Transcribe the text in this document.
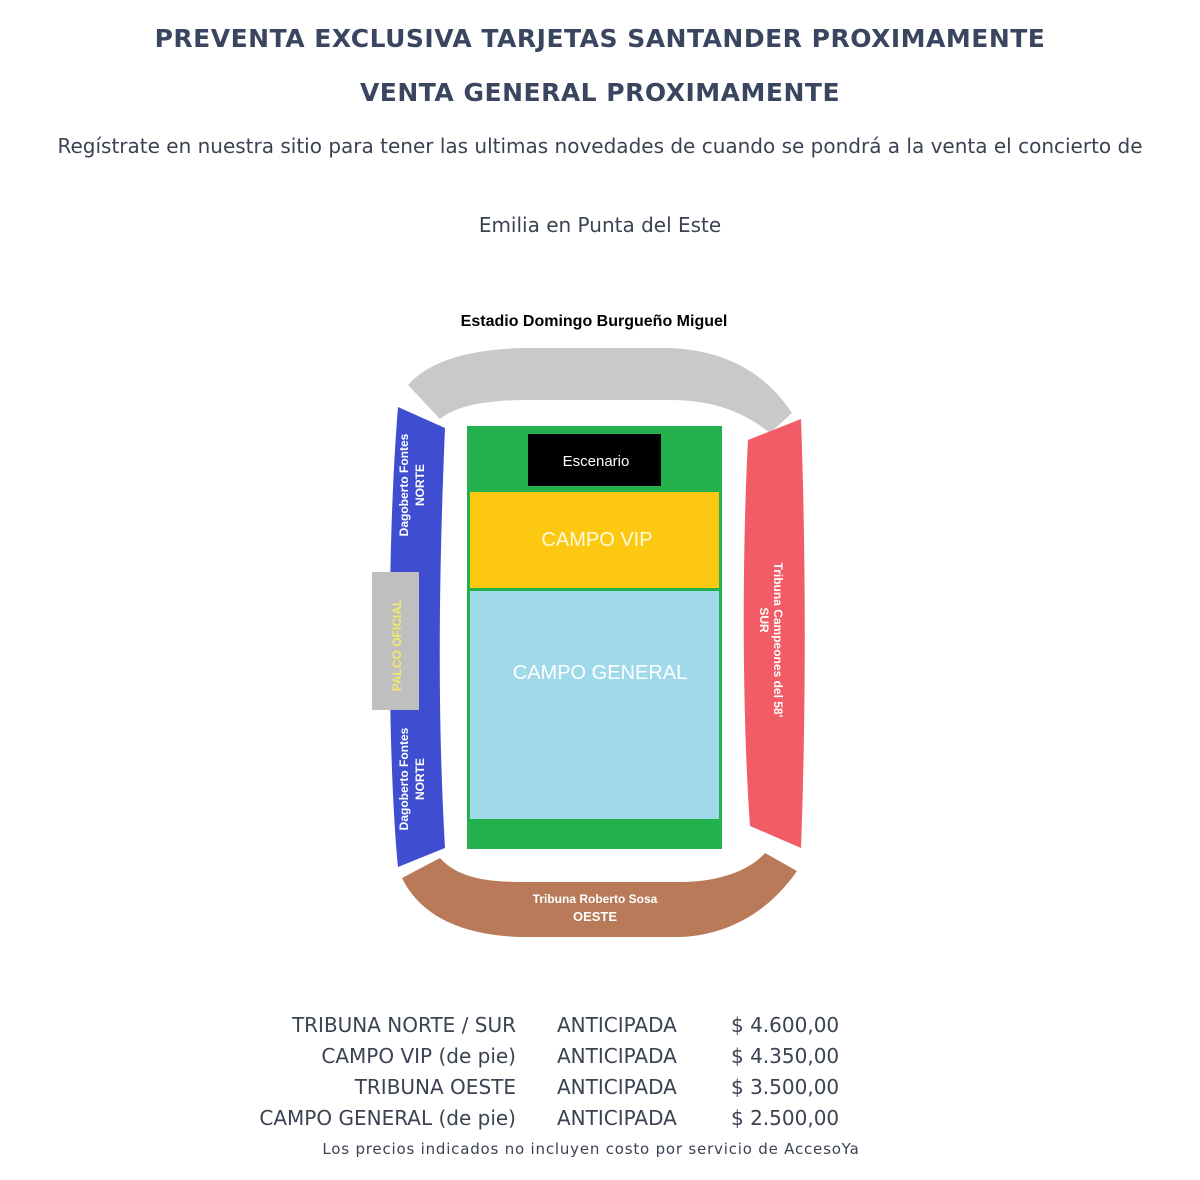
PREVENTA EXCLUSIVA TARJETAS SANTANDER PROXIMAMENTE
VENTA GENERAL PROXIMAMENTE

Regístrate en nuestra sitio para tener las ultimas novedades de cuando se pondrá a la venta el concierto de

Emilia en Punta del Este

Estadio Domingo Burgueño Miguel
PALCO OFICIAL
Dagoberto Fontes NORTE
Dagoberto Fontes NORTE
Tribuna Campeones del 58'
SUR
Tribuna Roberto Sosa
OESTE
CAMPO VIP
CAMPO GENERAL
Escenario
TRIBUNA NORTE / SUR ANTICIPADA	$ 4.600,00
CAMPO VIP (de pie) ANTICIPADA	$ 4.350,00
TRIBUNA OESTE ANTICIPADA	$ 3.500,00
CAMPO GENERAL (de pie) ANTICIPADA	$ 2.500,00
Los precios indicados no incluyen costo por servicio de AccesoYa
